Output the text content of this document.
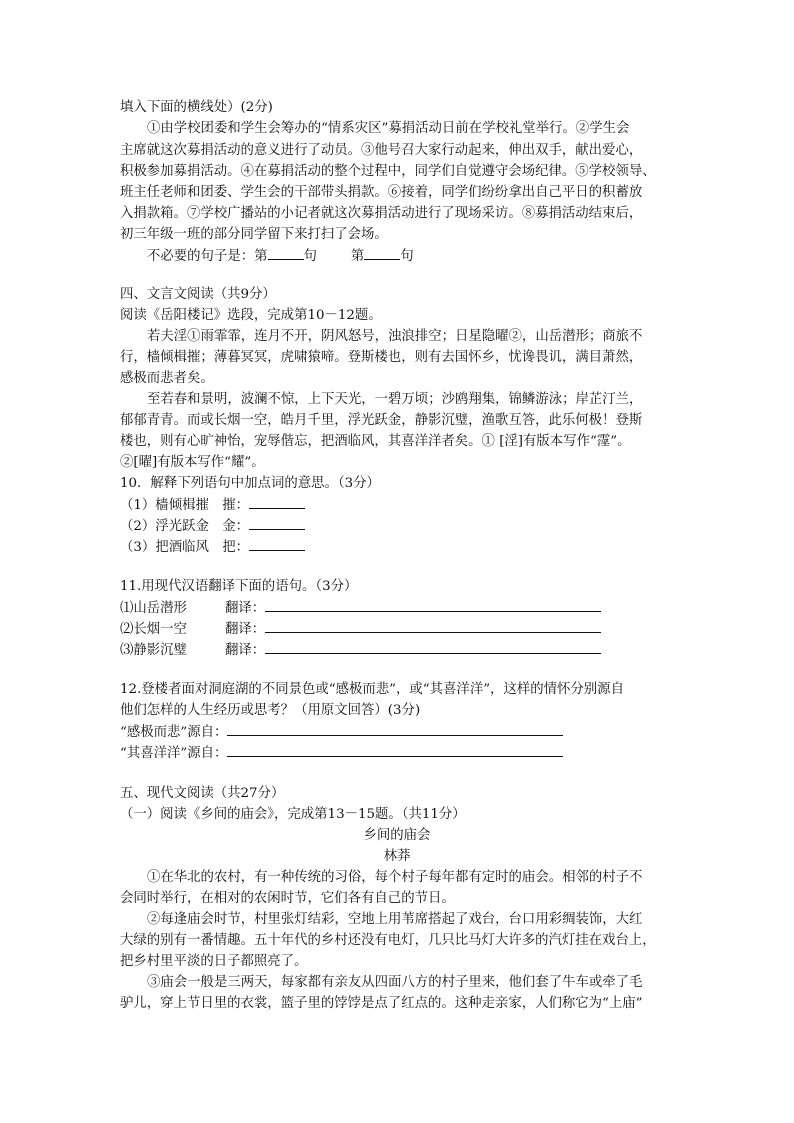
填入下面的横线处）(2分)
①由学校团委和学生会筹办的“情系灾区”募捐活动日前在学校礼堂举行。②学生会
主席就这次募捐活动的意义进行了动员。③他号召大家行动起来，伸出双手，献出爱心，
积极参加募捐活动。④在募捐活动的整个过程中，同学们自觉遵守会场纪律。⑤学校领导、
班主任老师和团委、学生会的干部带头捐款。⑥接着，同学们纷纷拿出自己平日的积蓄放
入捐款箱。⑦学校广播站的小记者就这次募捐活动进行了现场采访。⑧募捐活动结束后，
初三年级一班的部分同学留下来打扫了会场。
不必要的句子是：第	句	第	句
四、文言文阅读（共9分）
阅读《岳阳楼记》选段，完成第10－12题。
若夫淫①雨霏霏，连月不开，阴风怒号，浊浪排空；日星隐曜②，山岳潜形；商旅不
行，樯倾楫摧；薄暮冥冥，虎啸猿啼。登斯楼也，则有去国怀乡，忧谗畏讥，满目萧然，
感极而悲者矣。
至若春和景明，波澜不惊，上下天光，一碧万顷；沙鸥翔集，锦鳞游泳；岸芷汀兰，
郁郁青青。而或长烟一空，皓月千里，浮光跃金，静影沉璧，渔歌互答，此乐何极！登斯
楼也，则有心旷神怡，宠辱偕忘，把酒临风，其喜洋洋者矣。① [淫]有版本写作“霪”。
②[曜]有版本写作“耀”。
10．解释下列语句中加点词的意思。（3分）
（1）樯倾楫摧　摧：
（2）浮光跃金　金：
（3）把酒临风　把：
11.用现代汉语翻译下面的语句。（3分）
⑴山岳潜形	翻译：
⑵长烟一空	翻译：
⑶静影沉璧	翻译：
12.登楼者面对洞庭湖的不同景色或“感极而悲”，或“其喜洋洋”，这样的情怀分别源自
他们怎样的人生经历或思考？（用原文回答）(3分)
“感极而悲”源自：
“其喜洋洋”源自：
五、现代文阅读（共27分）
（一）阅读《乡间的庙会》，完成第13－15题。（共11分）
乡间的庙会
林莽
①在华北的农村，有一种传统的习俗，每个村子每年都有定时的庙会。相邻的村子不
会同时举行，在相对的农闲时节，它们各有自己的节日。
②每逢庙会时节，村里张灯结彩，空地上用苇席搭起了戏台，台口用彩绸装饰，大红
大绿的别有一番情趣。五十年代的乡村还没有电灯，几只比马灯大许多的汽灯挂在戏台上，
把乡村里平淡的日子都照亮了。
③庙会一般是三两天，每家都有亲友从四面八方的村子里来，他们套了牛车或牵了毛
驴儿，穿上节日里的衣裳，篮子里的饽饽是点了红点的。这种走亲家，人们称它为“上庙”
